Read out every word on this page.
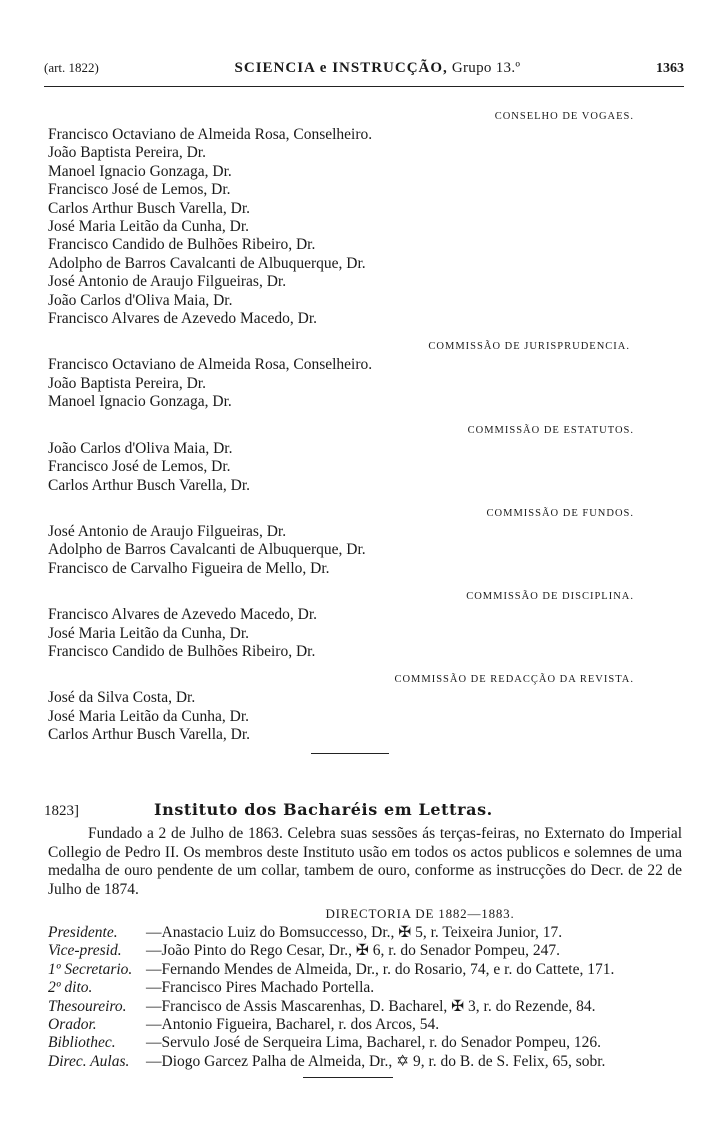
(art. 1822)	SCIENCIA e INSTRUCÇÃO, Grupo 13.º	1363
CONSELHO DE VOGAES.
Francisco Octaviano de Almeida Rosa, Conselheiro.
João Baptista Pereira, Dr.
Manoel Ignacio Gonzaga, Dr.
Francisco José de Lemos, Dr.
Carlos Arthur Busch Varella, Dr.
José Maria Leitão da Cunha, Dr.
Francisco Candido de Bulhões Ribeiro, Dr.
Adolpho de Barros Cavalcanti de Albuquerque, Dr.
José Antonio de Araujo Filgueiras, Dr.
João Carlos d'Oliva Maia, Dr.
Francisco Alvares de Azevedo Macedo, Dr.
COMMISSÃO DE JURISPRUDENCIA.
Francisco Octaviano de Almeida Rosa, Conselheiro.
João Baptista Pereira, Dr.
Manoel Ignacio Gonzaga, Dr.
COMMISSÃO DE ESTATUTOS.
João Carlos d'Oliva Maia, Dr.
Francisco José de Lemos, Dr.
Carlos Arthur Busch Varella, Dr.
COMMISSÃO DE FUNDOS.
José Antonio de Araujo Filgueiras, Dr.
Adolpho de Barros Cavalcanti de Albuquerque, Dr.
Francisco de Carvalho Figueira de Mello, Dr.
COMMISSÃO DE DISCIPLINA.
Francisco Alvares de Azevedo Macedo, Dr.
José Maria Leitão da Cunha, Dr.
Francisco Candido de Bulhões Ribeiro, Dr.
COMMISSÃO DE REDACÇÃO DA REVISTA.
José da Silva Costa, Dr.
José Maria Leitão da Cunha, Dr.
Carlos Arthur Busch Varella, Dr.
1823]	Instituto dos Bacharéis em Lettras.
Fundado a 2 de Julho de 1863. Celebra suas sessões ás terças-feiras, no Externato do Imperial Collegio de Pedro II. Os membros deste Instituto usão em todos os actos publicos e solemnes de uma medalha de ouro pendente de um collar, tambem de ouro, conforme as instrucções do Decr. de 22 de Julho de 1874.
DIRECTORIA DE 1882—1883.
Presidente.	—Anastacio Luiz do Bomsuccesso, Dr., ✠ 5, r. Teixeira Junior, 17.
Vice-presid.	—João Pinto do Rego Cesar, Dr., ✠ 6, r. do Senador Pompeu, 247.
1º Secretario. —Fernando Mendes de Almeida, Dr., r. do Rosario, 74, e r. do Cattete, 171.
2º dito.	—Francisco Pires Machado Portella.
Thesoureiro.	—Francisco de Assis Mascarenhas, D. Bacharel, ✠ 3, r. do Rezende, 84.
Orador.	—Antonio Figueira, Bacharel, r. dos Arcos, 54.
Bibliothec.	—Servulo José de Serqueira Lima, Bacharel, r. do Senador Pompeu, 126.
Direc. Aulas.	—Diogo Garcez Palha de Almeida, Dr., ✡ 9, r. do B. de S. Felix, 65, sobr.
